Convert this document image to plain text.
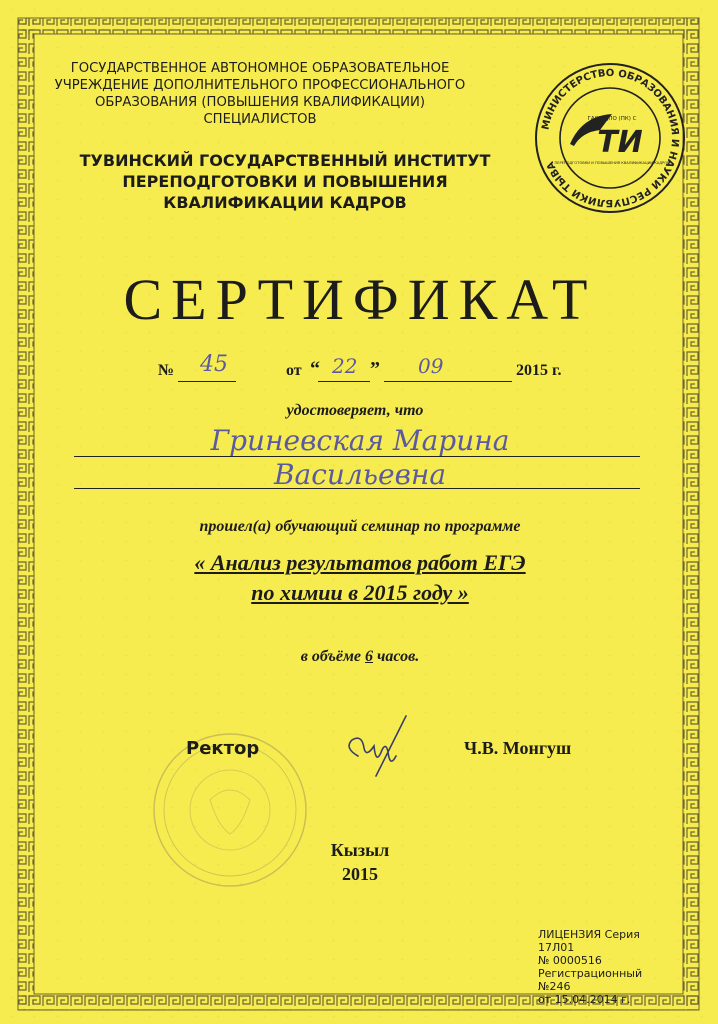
ГОСУДАРСТВЕННОЕ АВТОНОМНОЕ ОБРАЗОВАТЕЛЬНОЕ
УЧРЕЖДЕНИЕ ДОПОЛНИТЕЛЬНОГО ПРОФЕССИОНАЛЬНОГО
ОБРАЗОВАНИЯ (ПОВЫШЕНИЯ КВАЛИФИКАЦИИ)
СПЕЦИАЛИСТОВ
ТУВИНСКИЙ ГОСУДАРСТВЕННЫЙ ИНСТИТУТ
ПЕРЕПОДГОТОВКИ И ПОВЫШЕНИЯ
КВАЛИФИКАЦИИ КАДРОВ
МИНИСТЕРСТВО ОБРАЗОВАНИЯ И НАУКИ РЕСПУБЛИКИ ТЫВА
ТИ
ГАОУ ДПО (ПК) С
ПЕРЕПОДГОТОВКИ И ПОВЫШЕНИЯ КВАЛИФИКАЦИИ КАДРОВ
СЕРТИФИКАТ
№ 45	от “ 22 ” 09	2015 г.
удостоверяет, что
Гриневская Марина
Васильевна
прошел(а) обучающий семинар по программе
« Анализ результатов работ ЕГЭ
по химии в 2015 году »
в объёме 6 часов.
Ректор	Ч.В. Монгуш
Кызыл
2015
ЛИЦЕНЗИЯ Серия 17Л01
№ 0000516
Регистрационный №246
от 15.04.2014 г.
